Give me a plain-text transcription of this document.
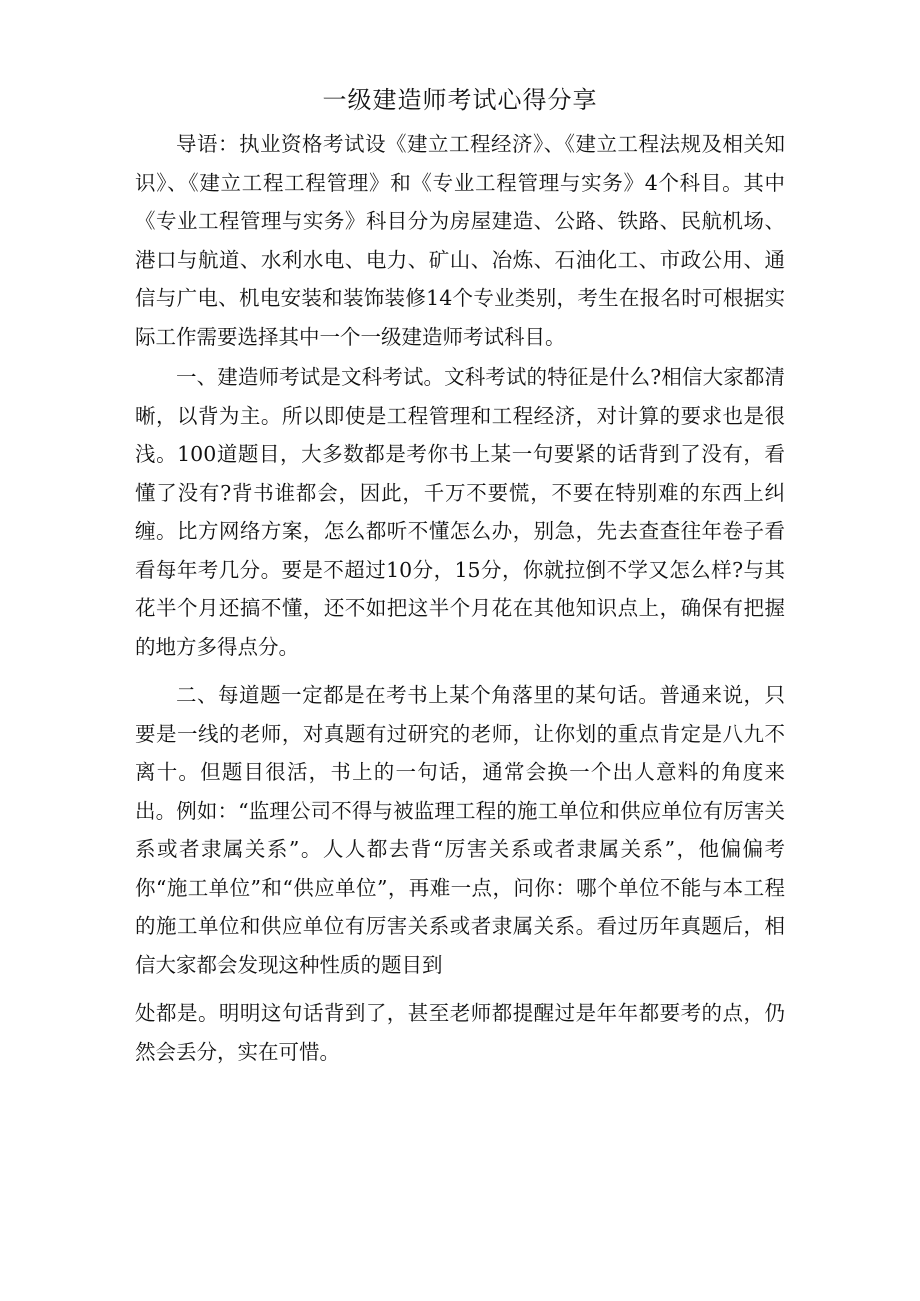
一级建造师考试心得分享

导语：执业资格考试设《建立工程经济》、《建立工程法规及相关知识》、《建立工程工程管理》和《专业工程管理与实务》4个科目。其中《专业工程管理与实务》科目分为房屋建造、公路、铁路、民航机场、港口与航道、水利水电、电力、矿山、冶炼、石油化工、市政公用、通信与广电、机电安装和装饰装修14个专业类别，考生在报名时可根据实际工作需要选择其中一个一级建造师考试科目。

一、建造师考试是文科考试。文科考试的特征是什么?相信大家都清晰，以背为主。所以即使是工程管理和工程经济，对计算的要求也是很浅。100道题目，大多数都是考你书上某一句要紧的话背到了没有，看懂了没有?背书谁都会，因此，千万不要慌，不要在特别难的东西上纠缠。比方网络方案，怎么都听不懂怎么办，别急，先去查查往年卷子看看每年考几分。要是不超过10分，15分，你就拉倒不学又怎么样?与其花半个月还搞不懂，还不如把这半个月花在其他知识点上，确保有把握的地方多得点分。

二、每道题一定都是在考书上某个角落里的某句话。普通来说，只要是一线的老师，对真题有过研究的老师，让你划的重点肯定是八九不离十。但题目很活，书上的一句话，通常会换一个出人意料的角度来出。例如：“监理公司不得与被监理工程的施工单位和供应单位有厉害关系或者隶属关系”。人人都去背“厉害关系或者隶属关系”，他偏偏考你“施工单位”和“供应单位”，再难一点，问你：哪个单位不能与本工程的施工单位和供应单位有厉害关系或者隶属关系。看过历年真题后，相信大家都会发现这种性质的题目到

处都是。明明这句话背到了，甚至老师都提醒过是年年都要考的点，仍然会丢分，实在可惜。
